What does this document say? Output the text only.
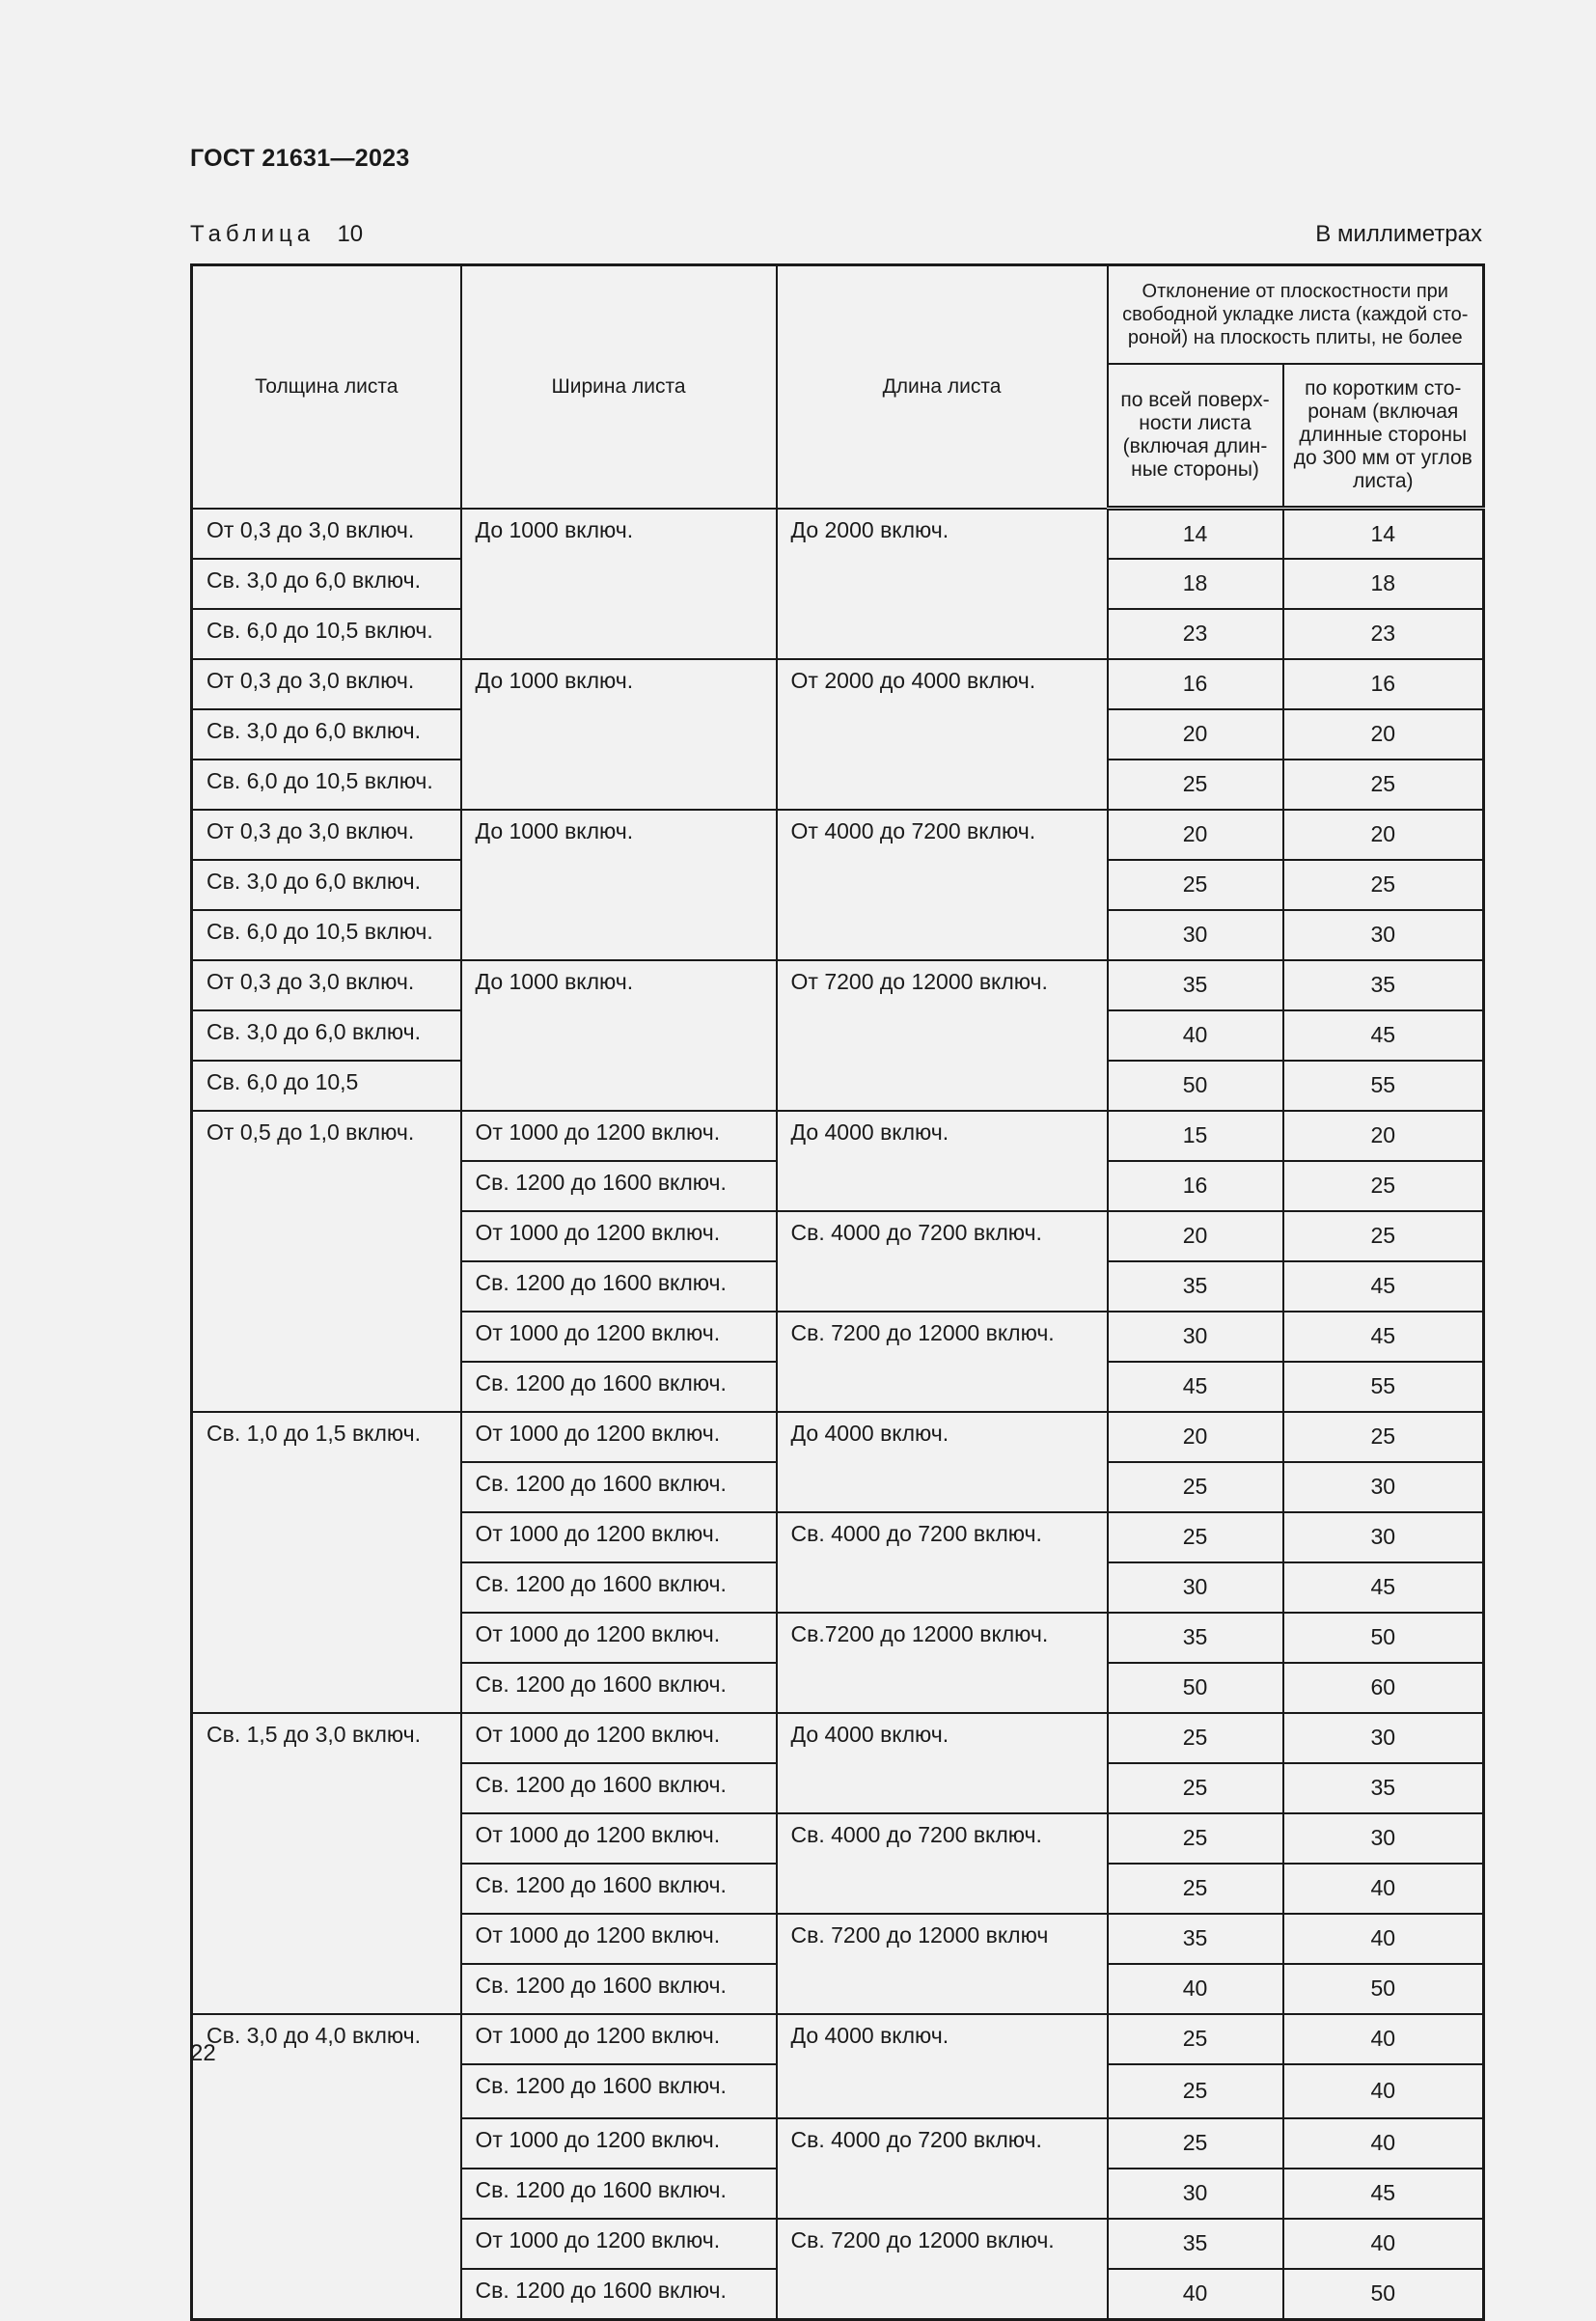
ГОСТ 21631—2023
Таблица 10	В миллиметрах
Толщина листа	Ширина листа	Длина листа	Отклонение от плоскостности при свободной укладке листа (каждой сто-роной) на плоскость плиты, не более	
			по всей поверх-ности листа (включая длин-ные стороны)	по коротким сто-ронам (включая длинные стороны до 300 мм от углов листа)
От 0,3 до 3,0 включ.	До 1000 включ.	До 2000 включ.	14	14
Св. 3,0 до 6,0 включ.			18	18
Св. 6,0 до 10,5 включ.			23	23
От 0,3 до 3,0 включ.	До 1000 включ.	От 2000 до 4000 включ.	16	16
Св. 3,0 до 6,0 включ.			20	20
Св. 6,0 до 10,5 включ.			25	25
От 0,3 до 3,0 включ.	До 1000 включ.	От 4000 до 7200 включ.	20	20
Св. 3,0 до 6,0 включ.			25	25
Св. 6,0 до 10,5 включ.			30	30
От 0,3 до 3,0 включ.	До 1000 включ.	От 7200 до 12000 включ.	35	35
Св. 3,0 до 6,0 включ.			40	45
Св. 6,0 до 10,5			50	55
От 0,5 до 1,0 включ.	От 1000 до 1200 включ.	До 4000 включ.	15	20
	Св. 1200 до 1600 включ.		16	25
	От 1000 до 1200 включ.	Св. 4000 до 7200 включ.	20	25
	Св. 1200 до 1600 включ.		35	45
	От 1000 до 1200 включ.	Св. 7200 до 12000 включ.	30	45
	Св. 1200 до 1600 включ.		45	55
Св. 1,0 до 1,5 включ.	От 1000 до 1200 включ.	До 4000 включ.	20	25
	Св. 1200 до 1600 включ.		25	30
	От 1000 до 1200 включ.	Св. 4000 до 7200 включ.	25	30
	Св. 1200 до 1600 включ.		30	45
	От 1000 до 1200 включ.	Св.7200 до 12000 включ.	35	50
	Св. 1200 до 1600 включ.		50	60
Св. 1,5 до 3,0 включ.	От 1000 до 1200 включ.	До 4000 включ.	25	30
	Св. 1200 до 1600 включ.		25	35
	От 1000 до 1200 включ.	Св. 4000 до 7200 включ.	25	30
	Св. 1200 до 1600 включ.		25	40
	От 1000 до 1200 включ.	Св. 7200 до 12000 включ	35	40
	Св. 1200 до 1600 включ.		40	50
Св. 3,0 до 4,0 включ.	От 1000 до 1200 включ.	До 4000 включ.	25	40
	Св. 1200 до 1600 включ.		25	40
	От 1000 до 1200 включ.	Св. 4000 до 7200 включ.	25	40
	Св. 1200 до 1600 включ.		30	45
	От 1000 до 1200 включ.	Св. 7200 до 12000 включ.	35	40
	Св. 1200 до 1600 включ.		40	50
22
